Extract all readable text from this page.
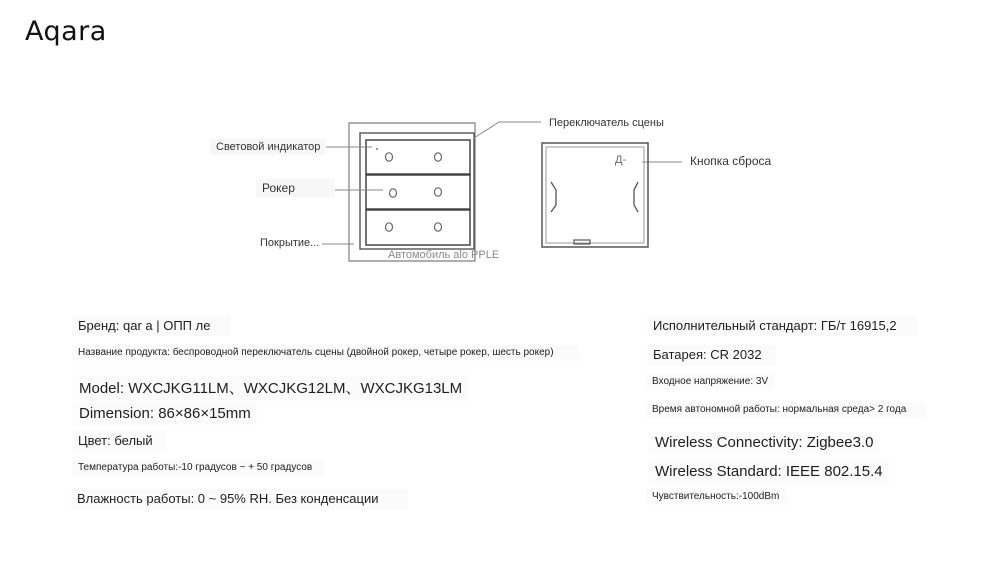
Aqara
Световой индикатор
Рокер
Покрытие...
Переключатель сцены
Д-	Кнопка сброса
Автомобиль alo PPLE
Бренд: qar a | ОПП ле
Название продукта: беспроводной переключатель сцены (двойной рокер, четыре рокер, шесть рокер)
Model: WXCJKG11LM、WXCJKG12LM、WXCJKG13LM
Dimension: 86×86×15mm
Цвет: белый
Температура работы:-10 градусов ~ + 50 градусов
Влажность работы: 0 ~ 95% RH. Без конденсации
Исполнительный стандарт: ГБ/т 16915,2
Батарея: CR 2032
Входное напряжение: 3V
Время автономной работы: нормальная среда> 2 года
Wireless Connectivity: Zigbee3.0
Wireless Standard: IEEE 802.15.4
Чувствительность:-100dBm
